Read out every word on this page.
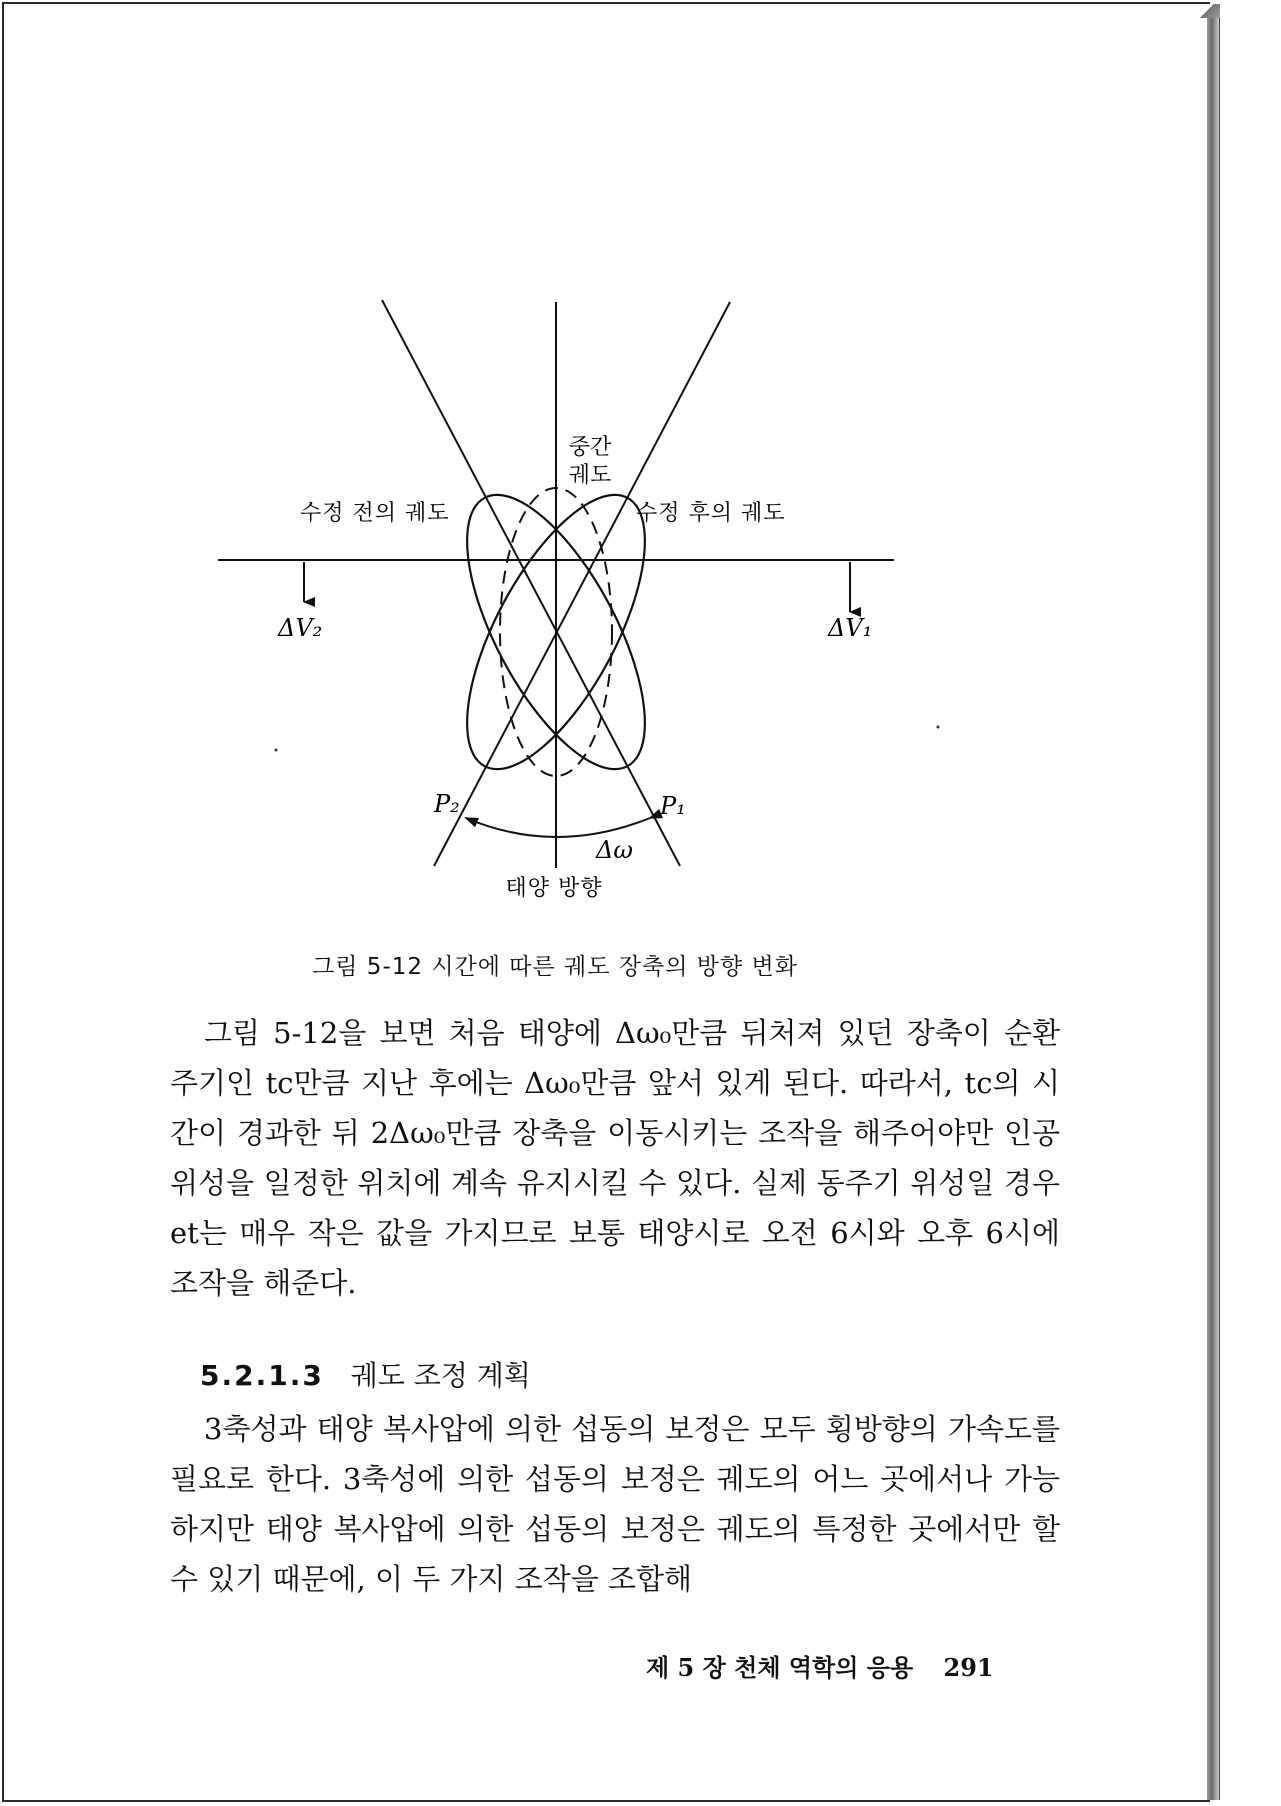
중간
궤도
수정 전의 궤도	수정 후의 궤도
ΔV₂	ΔV₁
P₂	P₁
Δω
태양 방향
그림 5-12 시간에 따른 궤도 장축의 방향 변화

그림 5-12을 보면 처음 태양에 Δω₀만큼 뒤처져 있던 장축이 순환 주기인 tc만큼 지난 후에는 Δω₀만큼 앞서 있게 된다. 따라서, tc의 시간이 경과한 뒤 2Δω₀만큼 장축을 이동시키는 조작을 해주어야만 인공위성을 일정한 위치에 계속 유지시킬 수 있다. 실제 동주기 위성일 경우 et는 매우 작은 값을 가지므로 보통 태양시로 오전 6시와 오후 6시에 조작을 해준다.

5.2.1.3 궤도 조정 계획

3축성과 태양 복사압에 의한 섭동의 보정은 모두 횡방향의 가속도를 필요로 한다. 3축성에 의한 섭동의 보정은 궤도의 어느 곳에서나 가능하지만 태양 복사압에 의한 섭동의 보정은 궤도의 특정한 곳에서만 할 수 있기 때문에, 이 두 가지 조작을 조합해

제 5 장 천체 역학의 응용 291
